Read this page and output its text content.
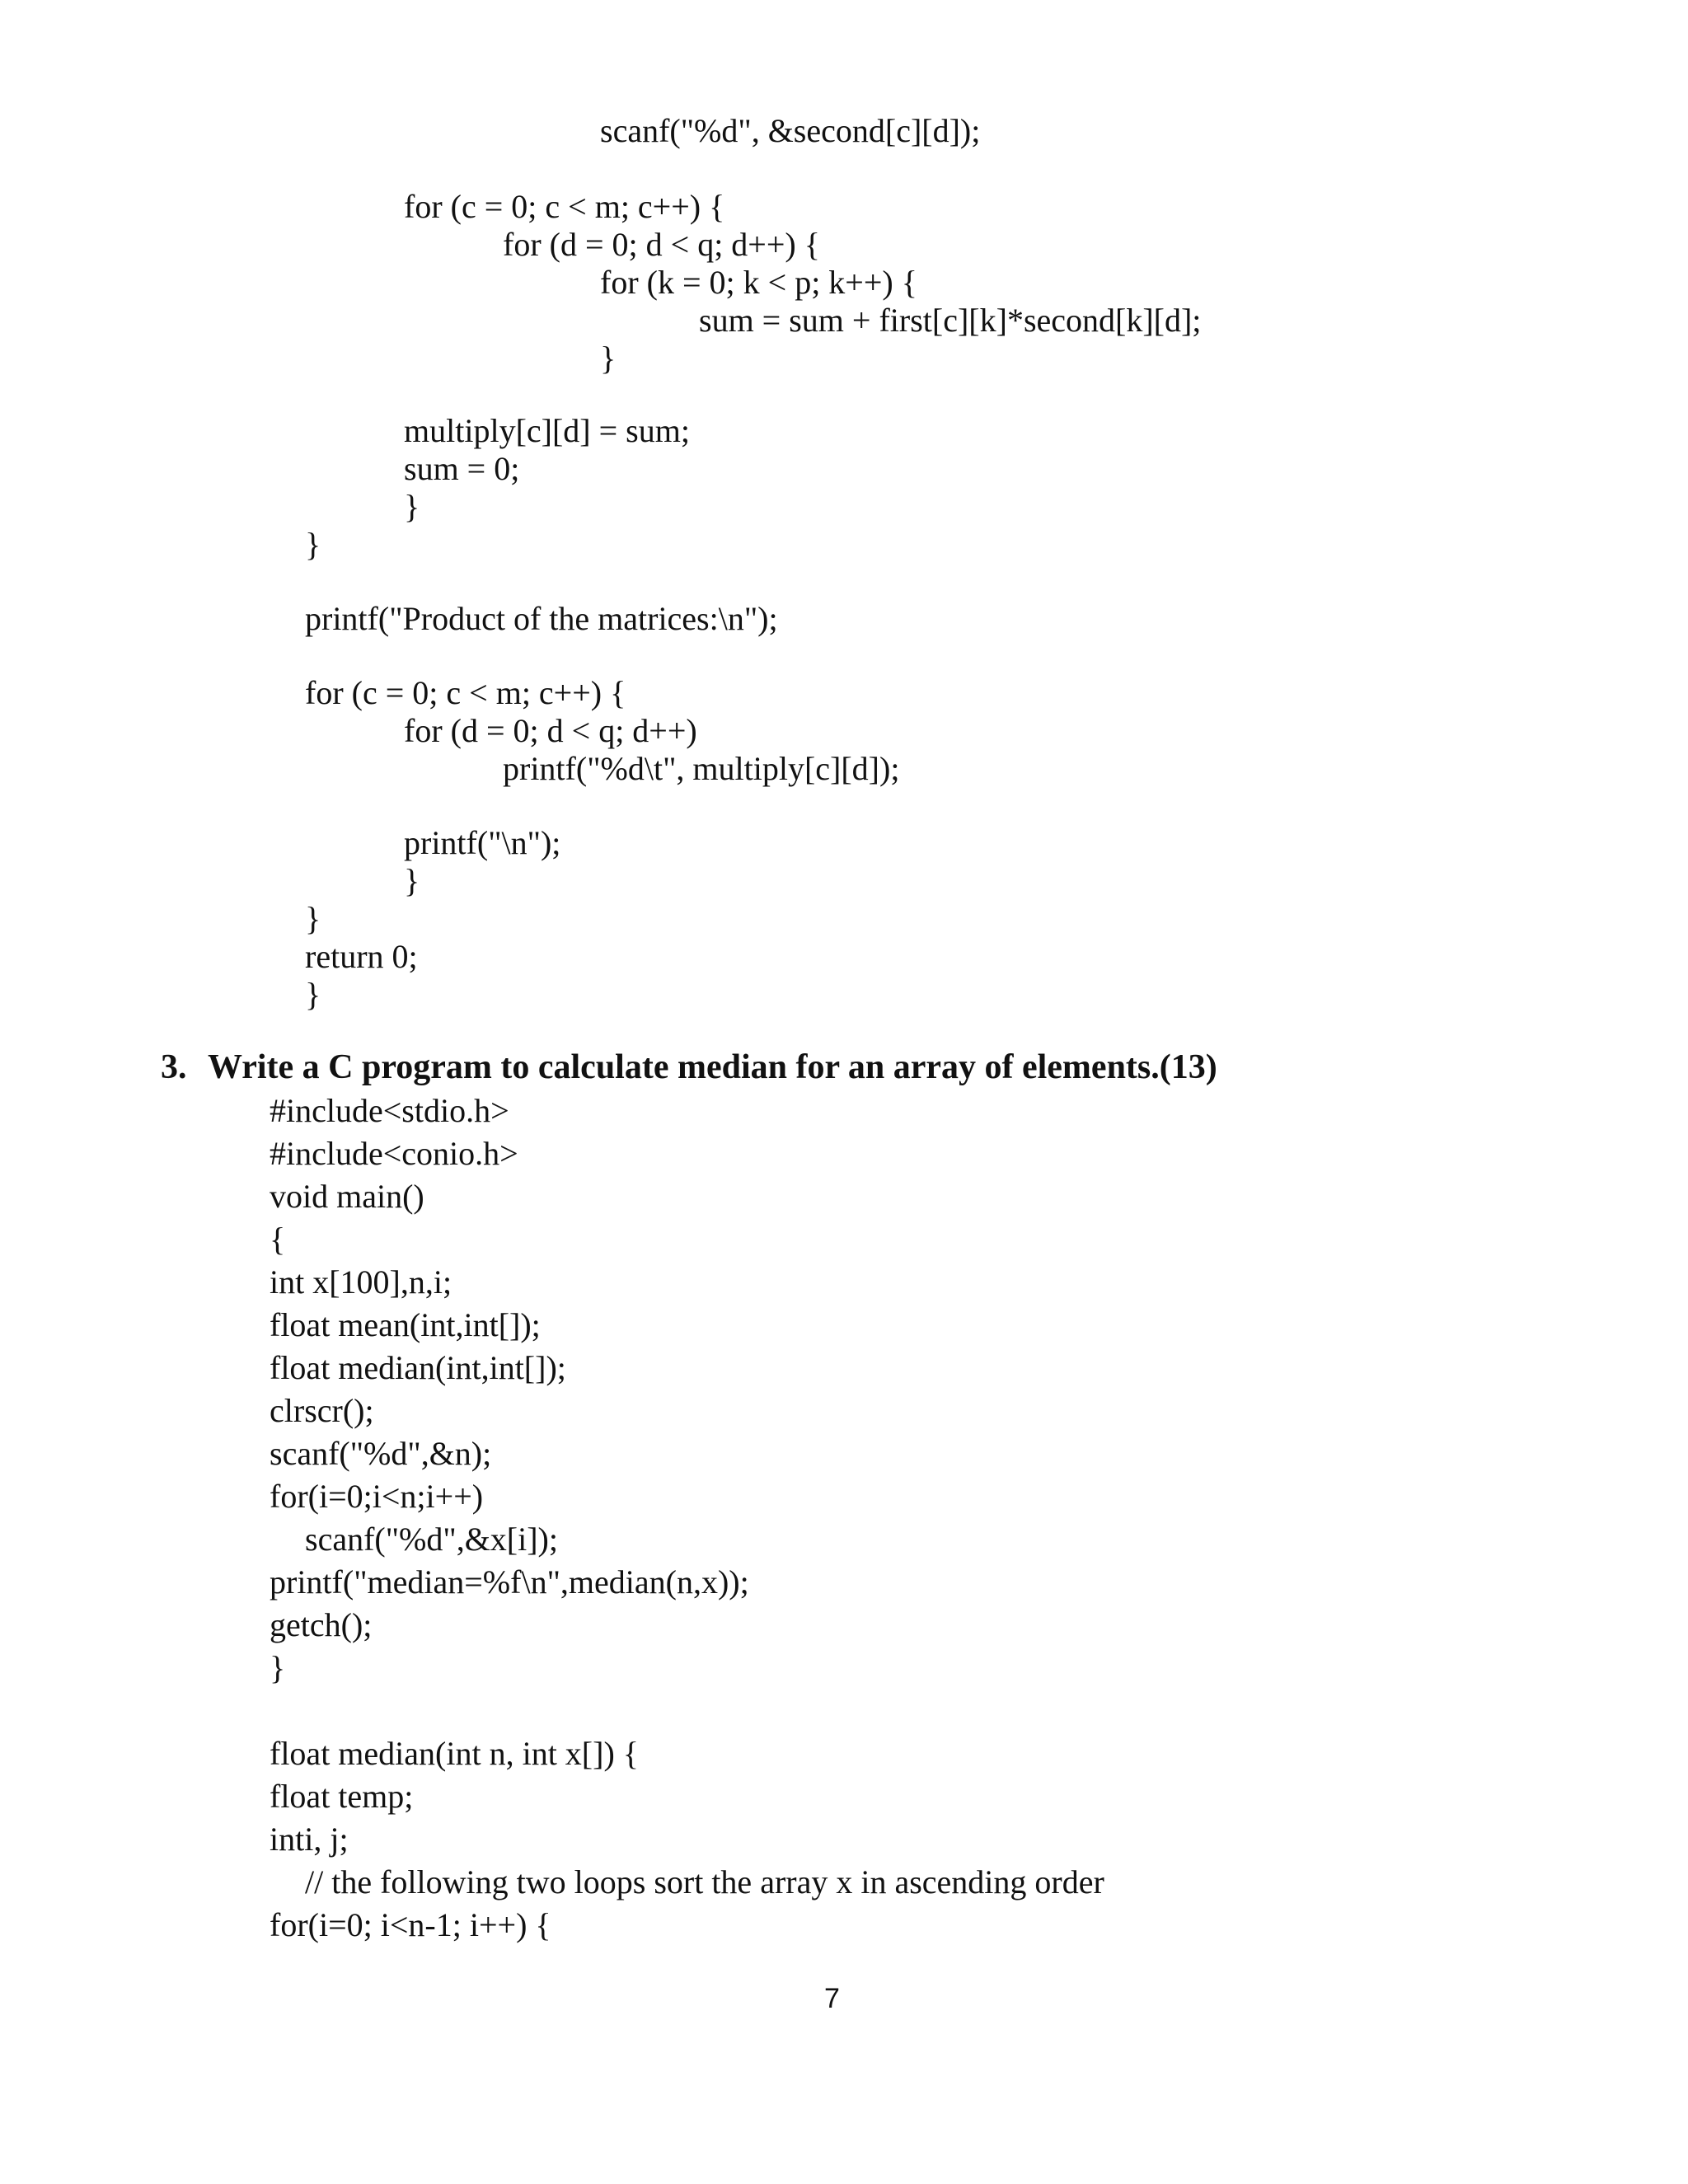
scanf("%d", &second[c][d]);
for (c = 0; c < m; c++) {
for (d = 0; d < q; d++) {
for (k = 0; k < p; k++) {
sum = sum + first[c][k]*second[k][d];
}
multiply[c][d] = sum;
sum = 0;
}
}
printf("Product of the matrices:\n");
for (c = 0; c < m; c++) {
for (d = 0; d < q; d++)
printf("%d\t", multiply[c][d]);
printf("\n");
}
}
return 0;
}
3. Write a C program to calculate median for an array of elements.(13)
#include<stdio.h>
#include<conio.h>
void main()
{
int x[100],n,i;
float mean(int,int[]);
float median(int,int[]);
clrscr();
scanf("%d",&n);
for(i=0;i<n;i++)
scanf("%d",&x[i]);
printf("median=%f\n",median(n,x));
getch();
}
float median(int n, int x[]) {
float temp;
inti, j;
// the following two loops sort the array x in ascending order
for(i=0; i<n-1; i++) {
7
